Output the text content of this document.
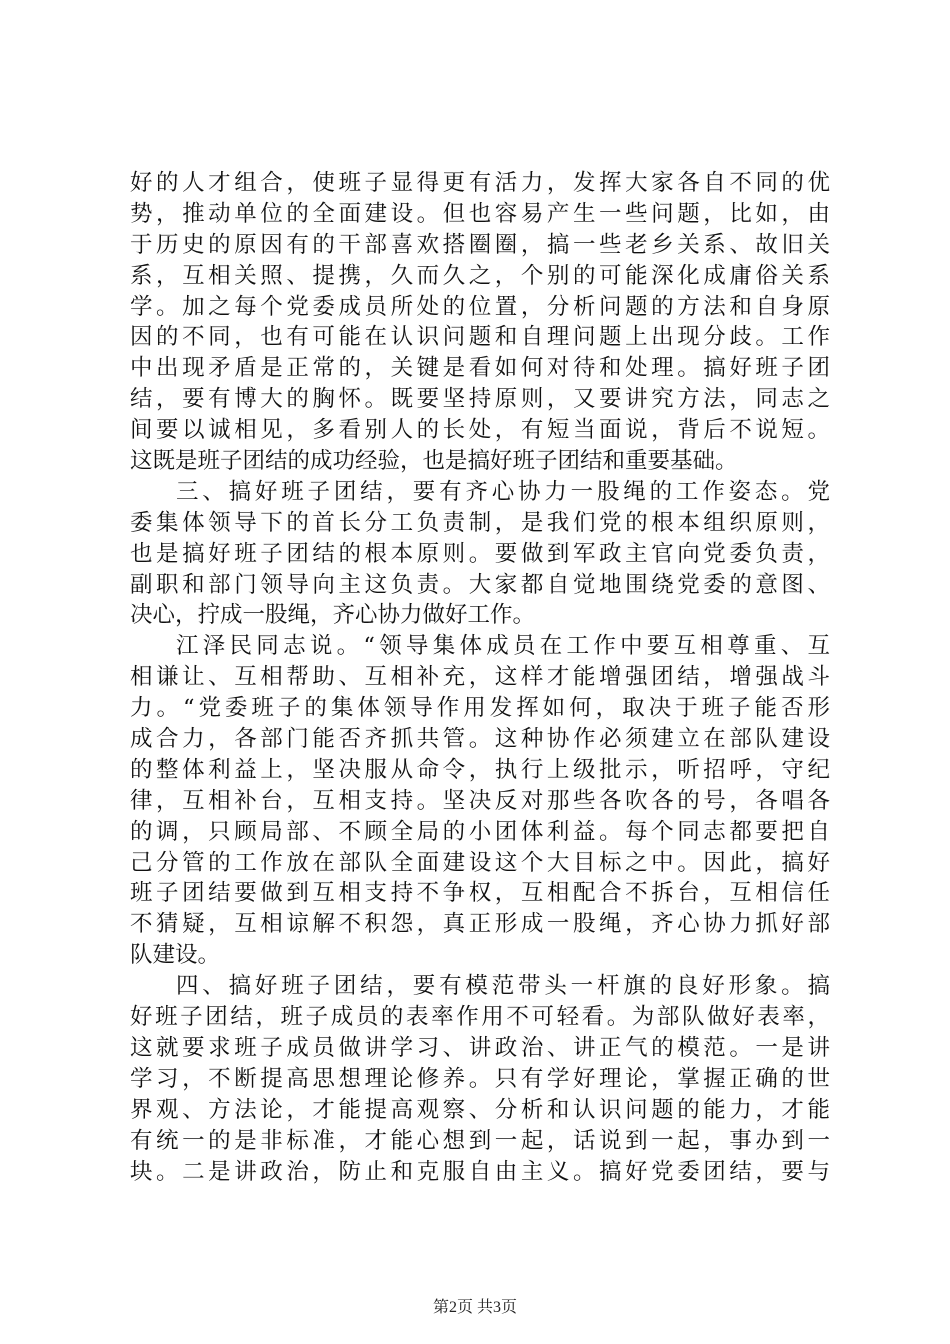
好的人才组合，使班子显得更有活力，发挥大家各自不同的优
势，推动单位的全面建设。但也容易产生一些问题，比如，由
于历史的原因有的干部喜欢搭圈圈，搞一些老乡关系、故旧关
系，互相关照、提携，久而久之，个别的可能深化成庸俗关系
学。加之每个党委成员所处的位置，分析问题的方法和自身原
因的不同，也有可能在认识问题和自理问题上出现分歧。工作
中出现矛盾是正常的，关键是看如何对待和处理。搞好班子团
结，要有博大的胸怀。既要坚持原则，又要讲究方法，同志之
间要以诚相见，多看别人的长处，有短当面说，背后不说短。
这既是班子团结的成功经验，也是搞好班子团结和重要基础。
三、搞好班子团结，要有齐心协力一股绳的工作姿态。党
委集体领导下的首长分工负责制，是我们党的根本组织原则，
也是搞好班子团结的根本原则。要做到军政主官向党委负责，
副职和部门领导向主这负责。大家都自觉地围绕党委的意图、
决心，拧成一股绳，齐心协力做好工作。
江泽民同志说。“领导集体成员在工作中要互相尊重、互
相谦让、互相帮助、互相补充，这样才能增强团结，增强战斗
力。“党委班子的集体领导作用发挥如何，取决于班子能否形
成合力，各部门能否齐抓共管。这种协作必须建立在部队建设
的整体利益上，坚决服从命令，执行上级批示，听招呼，守纪
律，互相补台，互相支持。坚决反对那些各吹各的号，各唱各
的调，只顾局部、不顾全局的小团体利益。每个同志都要把自
己分管的工作放在部队全面建设这个大目标之中。因此，搞好
班子团结要做到互相支持不争权，互相配合不拆台，互相信任
不猜疑，互相谅解不积怨，真正形成一股绳，齐心协力抓好部
队建设。
四、搞好班子团结，要有模范带头一杆旗的良好形象。搞
好班子团结，班子成员的表率作用不可轻看。为部队做好表率，
这就要求班子成员做讲学习、讲政治、讲正气的模范。一是讲
学习，不断提高思想理论修养。只有学好理论，掌握正确的世
界观、方法论，才能提高观察、分析和认识问题的能力，才能
有统一的是非标准，才能心想到一起，话说到一起，事办到一
块。二是讲政治，防止和克服自由主义。搞好党委团结，要与
第2页 共3页
